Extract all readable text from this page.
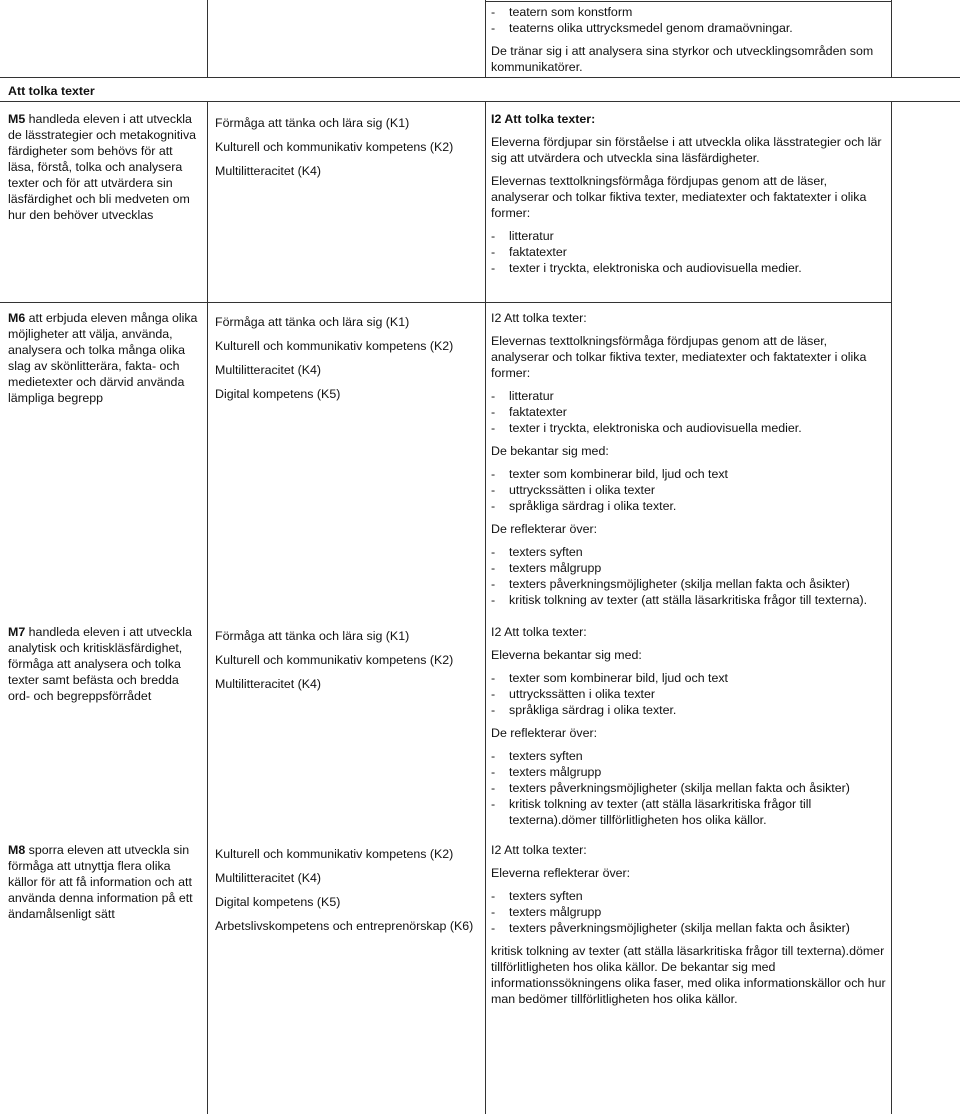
- teatern som konstform
- teaterns olika uttrycksmedel genom dramaövningar.

De tränar sig i att analysera sina styrkor och utvecklingsområden som kommunikatörer.

Att tolka texter

M5 handleda eleven i att utveckla de lässtrategier och metakognitiva färdigheter som behövs för att läsa, förstå, tolka och analysera texter och för att utvärdera sin läsfärdighet och bli medveten om hur den behöver utvecklas

Förmåga att tänka och lära sig (K1)

Kulturell och kommunikativ kompetens (K2)

Multilitteracitet (K4)

I2 Att tolka texter:

Eleverna fördjupar sin förståelse i att utveckla olika lässtrategier och lär sig att utvärdera och utveckla sina läsfärdigheter.

Elevernas texttolkningsförmåga fördjupas genom att de läser, analyserar och tolkar fiktiva texter, mediatexter och faktatexter i olika former:

- litteratur
- faktatexter
- texter i tryckta, elektroniska och audiovisuella medier.

M6 att erbjuda eleven många olika möjligheter att välja, använda, analysera och tolka många olika slag av skönlitterära, fakta- och medietexter och därvid använda lämpliga begrepp

Förmåga att tänka och lära sig (K1)

Kulturell och kommunikativ kompetens (K2)

Multilitteracitet (K4)

Digital kompetens (K5)

I2 Att tolka texter:

Elevernas texttolkningsförmåga fördjupas genom att de läser, analyserar och tolkar fiktiva texter, mediatexter och faktatexter i olika former:

- litteratur
- faktatexter
- texter i tryckta, elektroniska och audiovisuella medier.

De bekantar sig med:

- texter som kombinerar bild, ljud och text
- uttryckssätten i olika texter
- språkliga särdrag i olika texter.

De reflekterar över:

- texters syften
- texters målgrupp
- texters påverkningsmöjligheter (skilja mellan fakta och åsikter)
- kritisk tolkning av texter (att ställa läsarkritiska frågor till texterna).

M7 handleda eleven i att utveckla analytisk och kritiskläsfärdighet, förmåga att analysera och tolka texter samt befästa och bredda ord- och begreppsförrådet

Förmåga att tänka och lära sig (K1)

Kulturell och kommunikativ kompetens (K2)

Multilitteracitet (K4)

I2 Att tolka texter:

Eleverna bekantar sig med:

- texter som kombinerar bild, ljud och text
- uttryckssätten i olika texter
- språkliga särdrag i olika texter.

De reflekterar över:

- texters syften
- texters målgrupp
- texters påverkningsmöjligheter (skilja mellan fakta och åsikter)
- kritisk tolkning av texter (att ställa läsarkritiska frågor till texterna).dömer tillförlitligheten hos olika källor.

M8 sporra eleven att utveckla sin förmåga att utnyttja flera olika källor för att få information och att använda denna information på ett ändamålsenligt sätt

Kulturell och kommunikativ kompetens (K2)

Multilitteracitet (K4)

Digital kompetens (K5)

Arbetslivskompetens och entreprenörskap (K6)

I2 Att tolka texter:

Eleverna reflekterar över:

- texters syften
- texters målgrupp
- texters påverkningsmöjligheter (skilja mellan fakta och åsikter)

kritisk tolkning av texter (att ställa läsarkritiska frågor till texterna).dömer tillförlitligheten hos olika källor. De bekantar sig med informationssökningens olika faser, med olika informationskällor och hur man bedömer tillförlitligheten hos olika källor.
